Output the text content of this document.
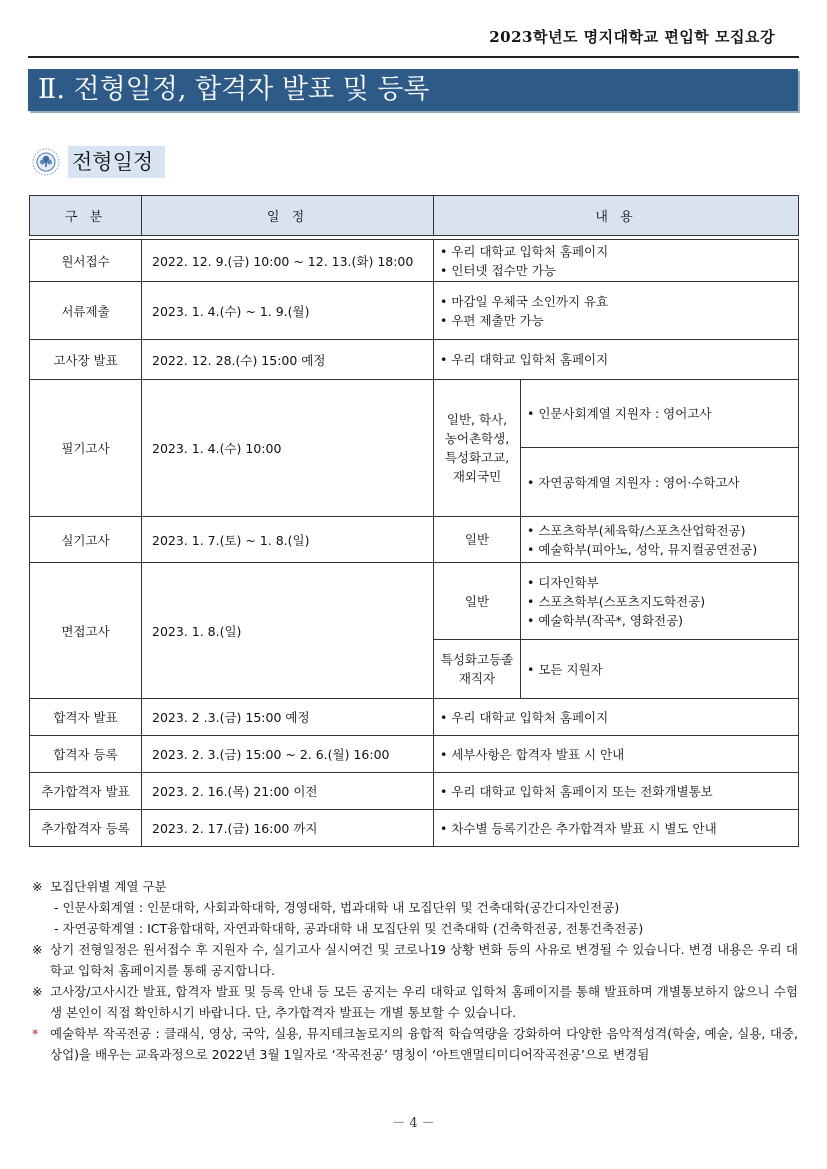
2023학년도 명지대학교 편입학 모집요강
Ⅱ. 전형일정, 합격자 발표 및 등록
전형일정
구 분	일 정	내 용	

원서접수	2022. 12. 9.(금) 10:00 ~ 12. 13.(화) 18:00	• 우리 대학교 입학처 홈페이지
• 인터넷 접수만 가능

서류제출	2023. 1. 4.(수) ~ 1. 9.(월)	• 마감일 우체국 소인까지 유효
• 우편 제출만 가능

고사장 발표	2022. 12. 28.(수) 15:00 예정	• 우리 대학교 입학처 홈페이지

필기고사	2023. 1. 4.(수) 10:00	일반, 학사,
농어촌학생,
특성화고교,
재외국민	• 인문사회계열 지원자 : 영어고사

			• 자연공학계열 지원자 : 영어·수학고사

실기고사	2023. 1. 7.(토) ~ 1. 8.(일)	일반	• 스포츠학부(체육학/스포츠산업학전공)
• 예술학부(피아노, 성악, 뮤지컬공연전공)

면접고사	2023. 1. 8.(일)	일반	• 디자인학부
• 스포츠학부(스포츠지도학전공)
• 예술학부(작곡*, 영화전공)

		특성화고등졸
재직자	• 모든 지원자

합격자 발표	2023. 2 .3.(금) 15:00 예정	• 우리 대학교 입학처 홈페이지

합격자 등록	2023. 2. 3.(금) 15:00 ~ 2. 6.(월) 16:00	• 세부사항은 합격자 발표 시 안내

추가합격자 발표	2023. 2. 16.(목) 21:00 이전	• 우리 대학교 입학처 홈페이지 또는 전화개별통보

추가합격자 등록	2023. 2. 17.(금) 16:00 까지	• 차수별 등록기간은 추가합격자 발표 시 별도 안내
※ 모집단위별 계열 구분
- 인문사회계열 : 인문대학, 사회과학대학, 경영대학, 법과대학 내 모집단위 및 건축대학(공간디자인전공)
- 자연공학계열 : ICT융합대학, 자연과학대학, 공과대학 내 모집단위 및 건축대학 (건축학전공, 전통건축전공)
※ 상기 전형일정은 원서접수 후 지원자 수, 실기고사 실시여건 및 코로나19 상황 변화 등의 사유로 변경될 수 있습니다. 변경 내용은 우리 대학교 입학처 홈페이지를 통해 공지합니다.
※ 고사장/고사시간 발표, 합격자 발표 및 등록 안내 등 모든 공지는 우리 대학교 입학처 홈페이지를 통해 발표하며 개별통보하지 않으니 수험생 본인이 직접 확인하시기 바랍니다. 단, 추가합격자 발표는 개별 통보할 수 있습니다.
* 예술학부 작곡전공 : 클래식, 영상, 국악, 실용, 뮤지테크놀로지의 융합적 학습역량을 강화하여 다양한 음악적성격(학술, 예술, 실용, 대중, 상업)을 배우는 교육과정으로 2022년 3월 1일자로 ‘작곡전공’ 명칭이 ‘아트앤멀티미디어작곡전공’으로 변경됨
－ 4 －
